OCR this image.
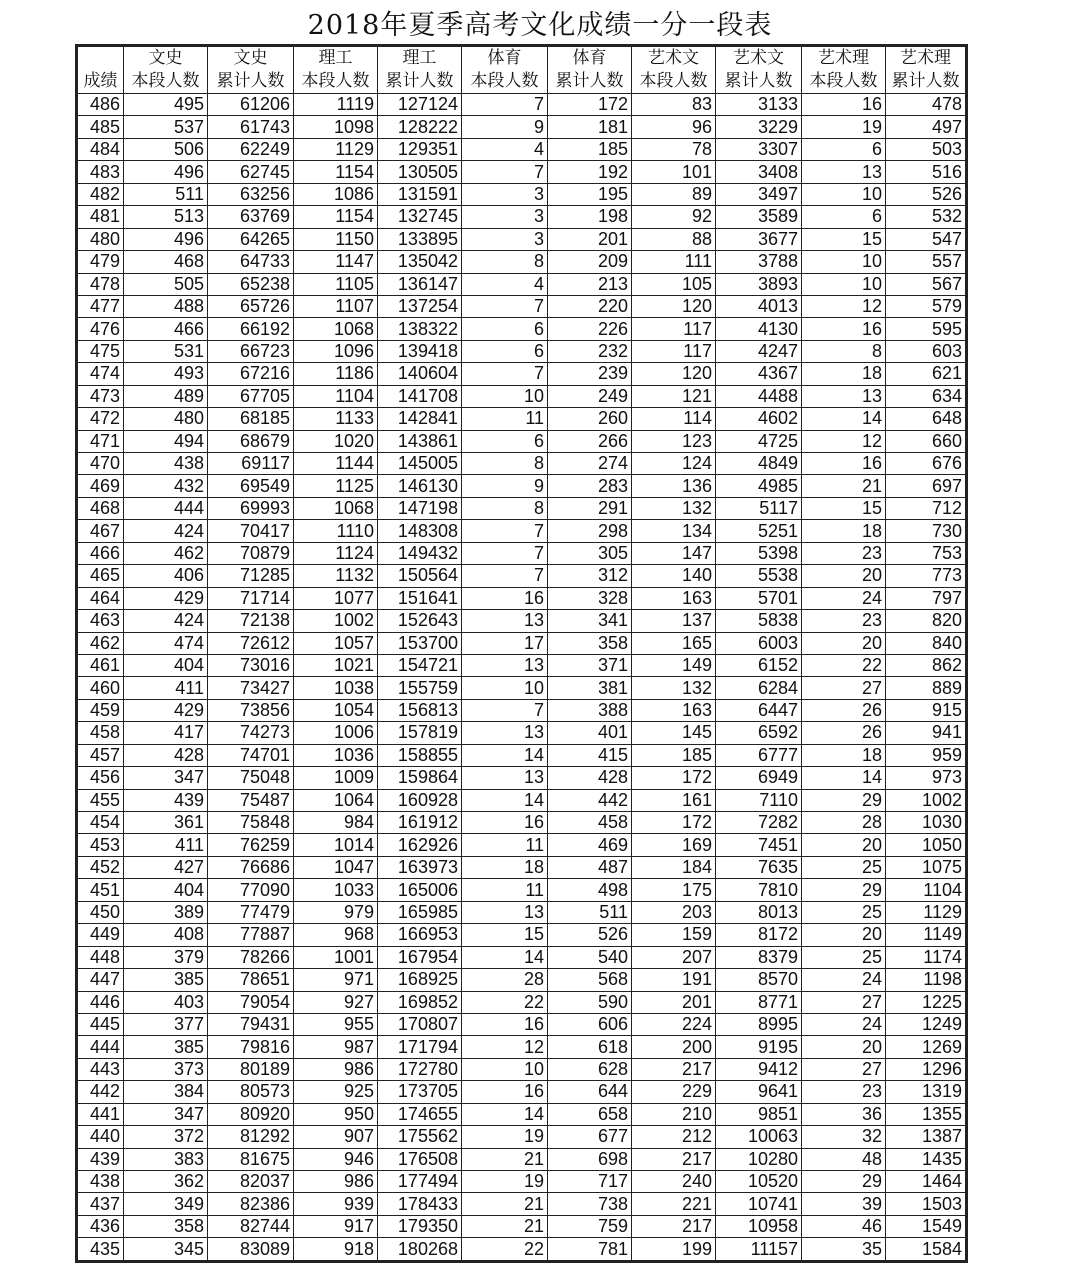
2018年夏季高考文化成绩一分一段表
成绩	文史	文史	理工	理工	体育	体育	艺术文	艺术文	艺术理	艺术理
	本段人数	累计人数	本段人数	累计人数	本段人数	累计人数	本段人数	累计人数	本段人数	累计人数
486	495	61206	1119	127124	7	172	83	3133	16	478
485	537	61743	1098	128222	9	181	96	3229	19	497
484	506	62249	1129	129351	4	185	78	3307	6	503
483	496	62745	1154	130505	7	192	101	3408	13	516
482	511	63256	1086	131591	3	195	89	3497	10	526
481	513	63769	1154	132745	3	198	92	3589	6	532
480	496	64265	1150	133895	3	201	88	3677	15	547
479	468	64733	1147	135042	8	209	111	3788	10	557
478	505	65238	1105	136147	4	213	105	3893	10	567
477	488	65726	1107	137254	7	220	120	4013	12	579
476	466	66192	1068	138322	6	226	117	4130	16	595
475	531	66723	1096	139418	6	232	117	4247	8	603
474	493	67216	1186	140604	7	239	120	4367	18	621
473	489	67705	1104	141708	10	249	121	4488	13	634
472	480	68185	1133	142841	11	260	114	4602	14	648
471	494	68679	1020	143861	6	266	123	4725	12	660
470	438	69117	1144	145005	8	274	124	4849	16	676
469	432	69549	1125	146130	9	283	136	4985	21	697
468	444	69993	1068	147198	8	291	132	5117	15	712
467	424	70417	1110	148308	7	298	134	5251	18	730
466	462	70879	1124	149432	7	305	147	5398	23	753
465	406	71285	1132	150564	7	312	140	5538	20	773
464	429	71714	1077	151641	16	328	163	5701	24	797
463	424	72138	1002	152643	13	341	137	5838	23	820
462	474	72612	1057	153700	17	358	165	6003	20	840
461	404	73016	1021	154721	13	371	149	6152	22	862
460	411	73427	1038	155759	10	381	132	6284	27	889
459	429	73856	1054	156813	7	388	163	6447	26	915
458	417	74273	1006	157819	13	401	145	6592	26	941
457	428	74701	1036	158855	14	415	185	6777	18	959
456	347	75048	1009	159864	13	428	172	6949	14	973
455	439	75487	1064	160928	14	442	161	7110	29	1002
454	361	75848	984	161912	16	458	172	7282	28	1030
453	411	76259	1014	162926	11	469	169	7451	20	1050
452	427	76686	1047	163973	18	487	184	7635	25	1075
451	404	77090	1033	165006	11	498	175	7810	29	1104
450	389	77479	979	165985	13	511	203	8013	25	1129
449	408	77887	968	166953	15	526	159	8172	20	1149
448	379	78266	1001	167954	14	540	207	8379	25	1174
447	385	78651	971	168925	28	568	191	8570	24	1198
446	403	79054	927	169852	22	590	201	8771	27	1225
445	377	79431	955	170807	16	606	224	8995	24	1249
444	385	79816	987	171794	12	618	200	9195	20	1269
443	373	80189	986	172780	10	628	217	9412	27	1296
442	384	80573	925	173705	16	644	229	9641	23	1319
441	347	80920	950	174655	14	658	210	9851	36	1355
440	372	81292	907	175562	19	677	212	10063	32	1387
439	383	81675	946	176508	21	698	217	10280	48	1435
438	362	82037	986	177494	19	717	240	10520	29	1464
437	349	82386	939	178433	21	738	221	10741	39	1503
436	358	82744	917	179350	21	759	217	10958	46	1549
435	345	83089	918	180268	22	781	199	11157	35	1584
